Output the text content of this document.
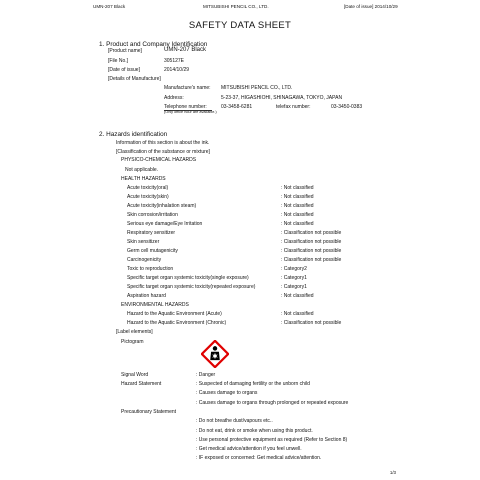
UMN-207 Black	MITSUBISHI PENCIL CO., LTD.	[Date of issue] 2014/10/29
SAFETY DATA SHEET
1. Product and Company Identification
[Product name]	UMN-207 Black
[File No.]	305127E
[Date of issue]	2014/10/29
[Details of Manufacture]
Manufacture's name: MITSUBISHI PENCIL CO., LTD.
Address:	5-23-37, HIGASHIOHI, SHINAGAWA, TOKYO, JAPAN
Telephone number:	03-3458-6281
(Only office hour are available.)
telefax number:	03-3450-0383
2. Hazards identification
Information of this section is about the ink.
[Classification of the substance or mixture]
PHYSICO-CHEMICAL HAZARDS
Not applicable.
HEALTH HAZARDS
Acute toxicity(oral)	: Not classified
Acute toxicity(skin)	: Not classified
Acute toxicity(inhalation steam)	: Not classified
Skin corrosion/irritation	: Not classified
Serious eye damage/Eye Irritation	: Not classified
Respiratory sensitizer	: Classification not possible
Skin sensitizer	: Classification not possible
Germ cell mutagenicity	: Classification not possible
Carcinogenicity	: Classification not possible
Toxic to reproduction	: Category2
Specific target organ systemic toxicity(single exposure)	: Category1
Specific target organ systemic toxicity(repeated exposure)	: Category1
Aspiration hazard	: Not classified
ENVIRONMENTAL HAZARDS
Hazard to the Aquatic Environment (Acute)	: Not classified
Hazard to the Aquatic Environment (Chronic)	: Classification not possible
[Label elements]
Pictogram
Signal Word	: Danger
Hazard Statement	: Suspected of damaging fertility or the unborn child
: Causes damage to organs
: Causes damage to organs through prolonged or repeated exposure
Precautionary Statement
: Do not breathe dust/vapours etc..
: Do not eat, drink or smoke when using this product.
: Use personal protective equipment as required (Refer to Section 8)
: Get medical advice/attention if you feel unwell.
: IF exposed or concerned: Get medical advice/attention.
1/3
